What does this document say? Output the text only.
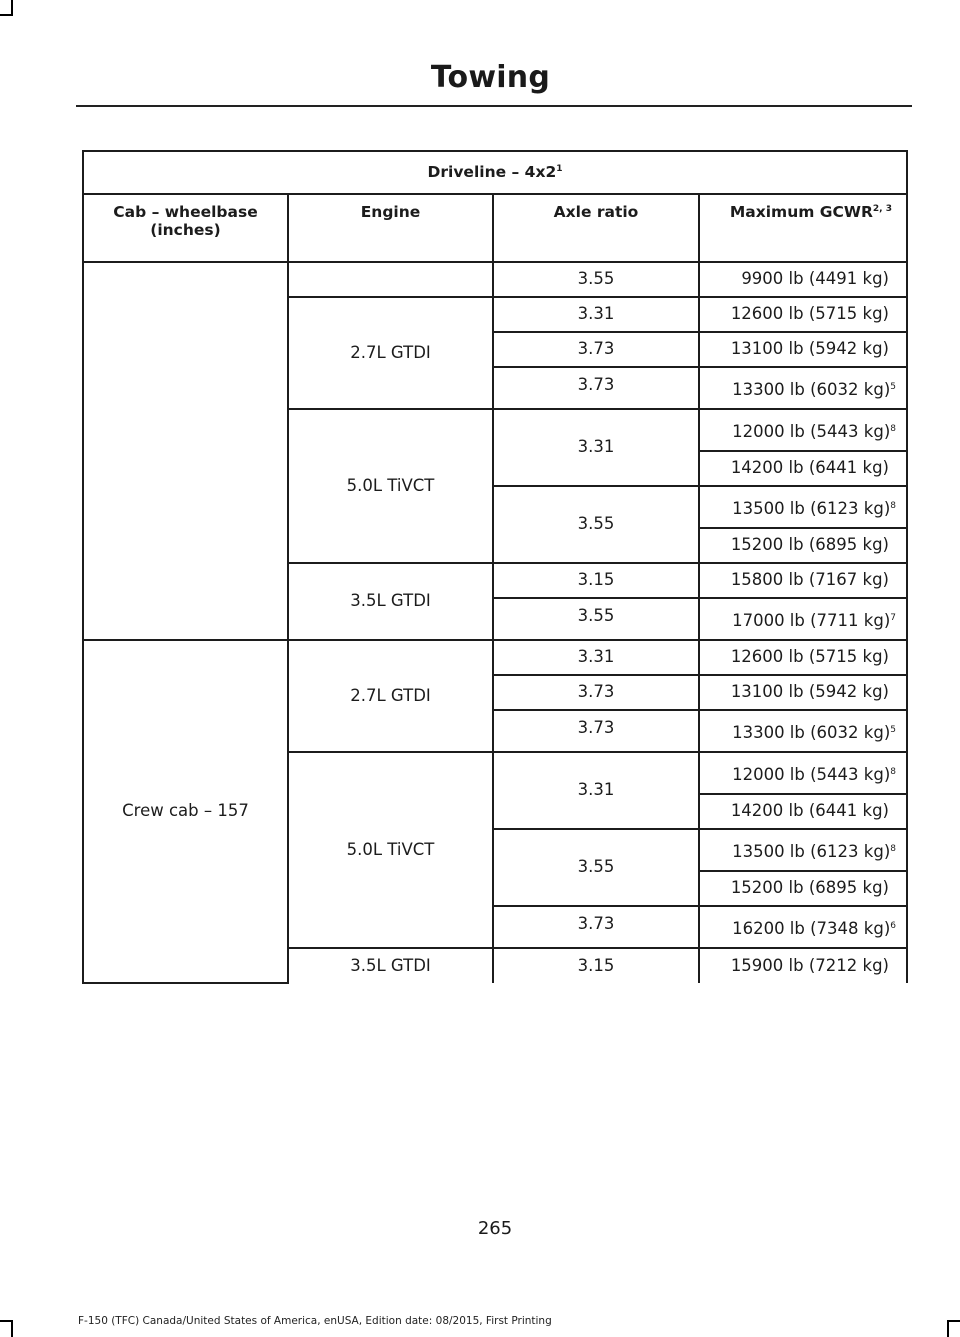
Towing
Driveline – $4x2^1$
Cab – wheelbase (inches)	Engine	Axle ratio	Maximum GCWR$^{2, 3}$
		3.55	9900 lb (4491 kg)
	2.7L GTDI	3.31	12600 lb (5715 kg)
		3.73	13100 lb (5942 kg)
		3.73	13300 lb (6032 kg)$^5$
	5.0L TiVCT	3.31	12000 lb (5443 kg)$^8$
			14200 lb (6441 kg)
		3.55	13500 lb (6123 kg)$^8$
			15200 lb (6895 kg)
	3.5L GTDI	3.15	15800 lb (7167 kg)
		3.55	17000 lb (7711 kg)$^7$
Crew cab – 157	2.7L GTDI	3.31	12600 lb (5715 kg)
		3.73	13100 lb (5942 kg)
		3.73	13300 lb (6032 kg)$^5$
	5.0L TiVCT	3.31	12000 lb (5443 kg)$^8$
			14200 lb (6441 kg)
		3.55	13500 lb (6123 kg)$^8$
			15200 lb (6895 kg)
		3.73	16200 lb (7348 kg)$^6$
	3.5L GTDI	3.15	15900 lb (7212 kg)
265
F-150 (TFC) Canada/United States of America, enUSA, Edition date: 08/2015, First Printing
